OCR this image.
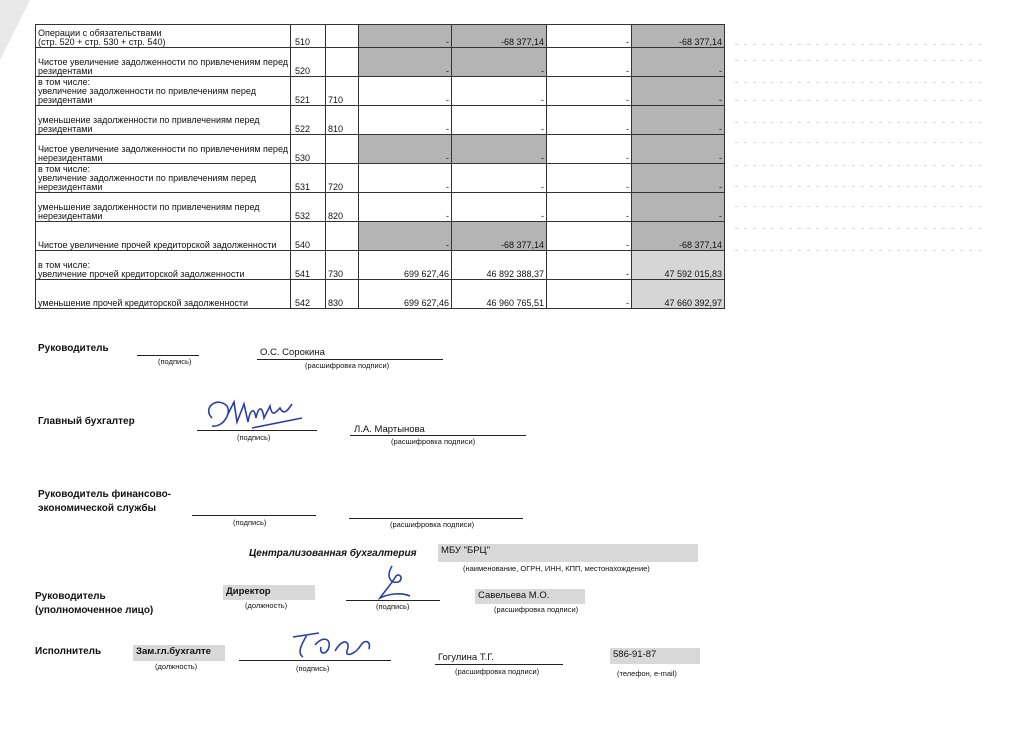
Операции с обязательствами
(стр. 520 + стр. 530 + стр. 540)	510		-	-68 377,14	-	-68 377,14
Чистое увеличение задолженности по привлечениям перед резидентами	520		-	-	-	-
в том числе:
увеличение задолженности по привлечениям перед резидентами	521	710	-	-	-	-
уменьшение задолженности по привлечениям перед резидентами	522	810	-	-	-	-
Чистое увеличение задолженности по привлечениям перед нерезидентами	530		-	-	-	-
в том числе:
увеличение задолженности по привлечениям перед нерезидентами	531	720	-	-	-	-
уменьшение задолженности по привлечениям перед нерезидентами	532	820	-	-	-	-
Чистое увеличение прочей кредиторской задолженности	540		-	-68 377,14	-	-68 377,14
в том числе:
увеличение прочей кредиторской задолженности	541	730	699 627,46	46 892 388,37	-	47 592 015,83
уменьшение прочей кредиторской задолженности	542	830	699 627,46	46 960 765,51	-	47 660 392,97
Руководитель
(подпись)
О.С. Сорокина
(расшифровка подписи)
Главный бухгалтер
(подпись)
Л.А. Мартынова
(расшифровка подписи)
Руководитель финансово-
экономической службы
(подпись)	(расшифровка подписи)
Централизованная бухгалтерия	МБУ "БРЦ"
(наименование, ОГРН, ИНН, КПП, местонахождение)
Руководитель
(уполномоченное лицо)
Директор
(должность)	(подпись)
Савельева М.О.
(расшифровка подписи)
Исполнитель	Зам.гл.бухгалте
(должность)	(подпись)
Гогулина Т.Г.
(расшифровка подписи)
586-91-87
(телефон, e-mail)
